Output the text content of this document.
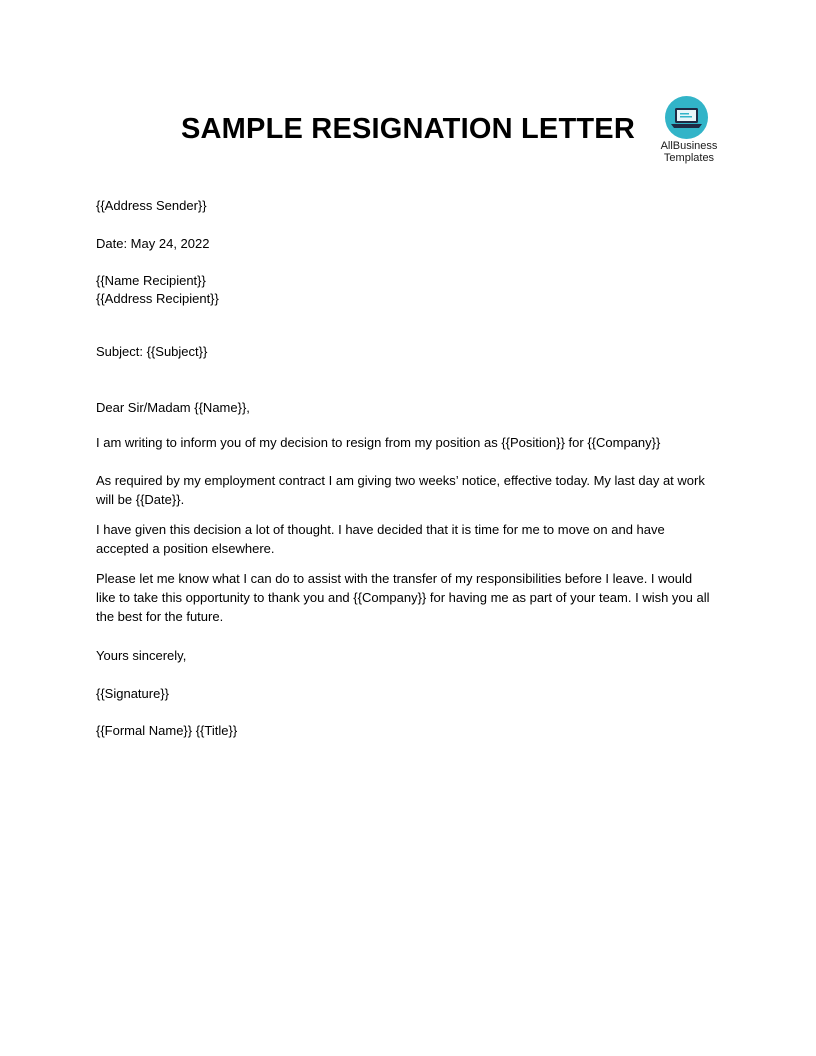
SAMPLE RESIGNATION LETTER
AllBusiness
Templates

{{Address Sender}}

Date: May 24, 2022

{{Name Recipient}}

{{Address Recipient}}

Subject: {{Subject}}

Dear Sir/Madam {{Name}},

I am writing to inform you of my decision to resign from my position as {{Position}} for {{Company}}

As required by my employment contract I am giving two weeks’ notice, effective today. My last day at work will be {{Date}}.

I have given this decision a lot of thought. I have decided that it is time for me to move on and have accepted a position elsewhere.

Please let me know what I can do to assist with the transfer of my responsibilities before I leave. I would like to take this opportunity to thank you and {{Company}} for having me as part of your team. I wish you all the best for the future.

Yours sincerely,

{{Signature}}

{{Formal Name}} {{Title}}
